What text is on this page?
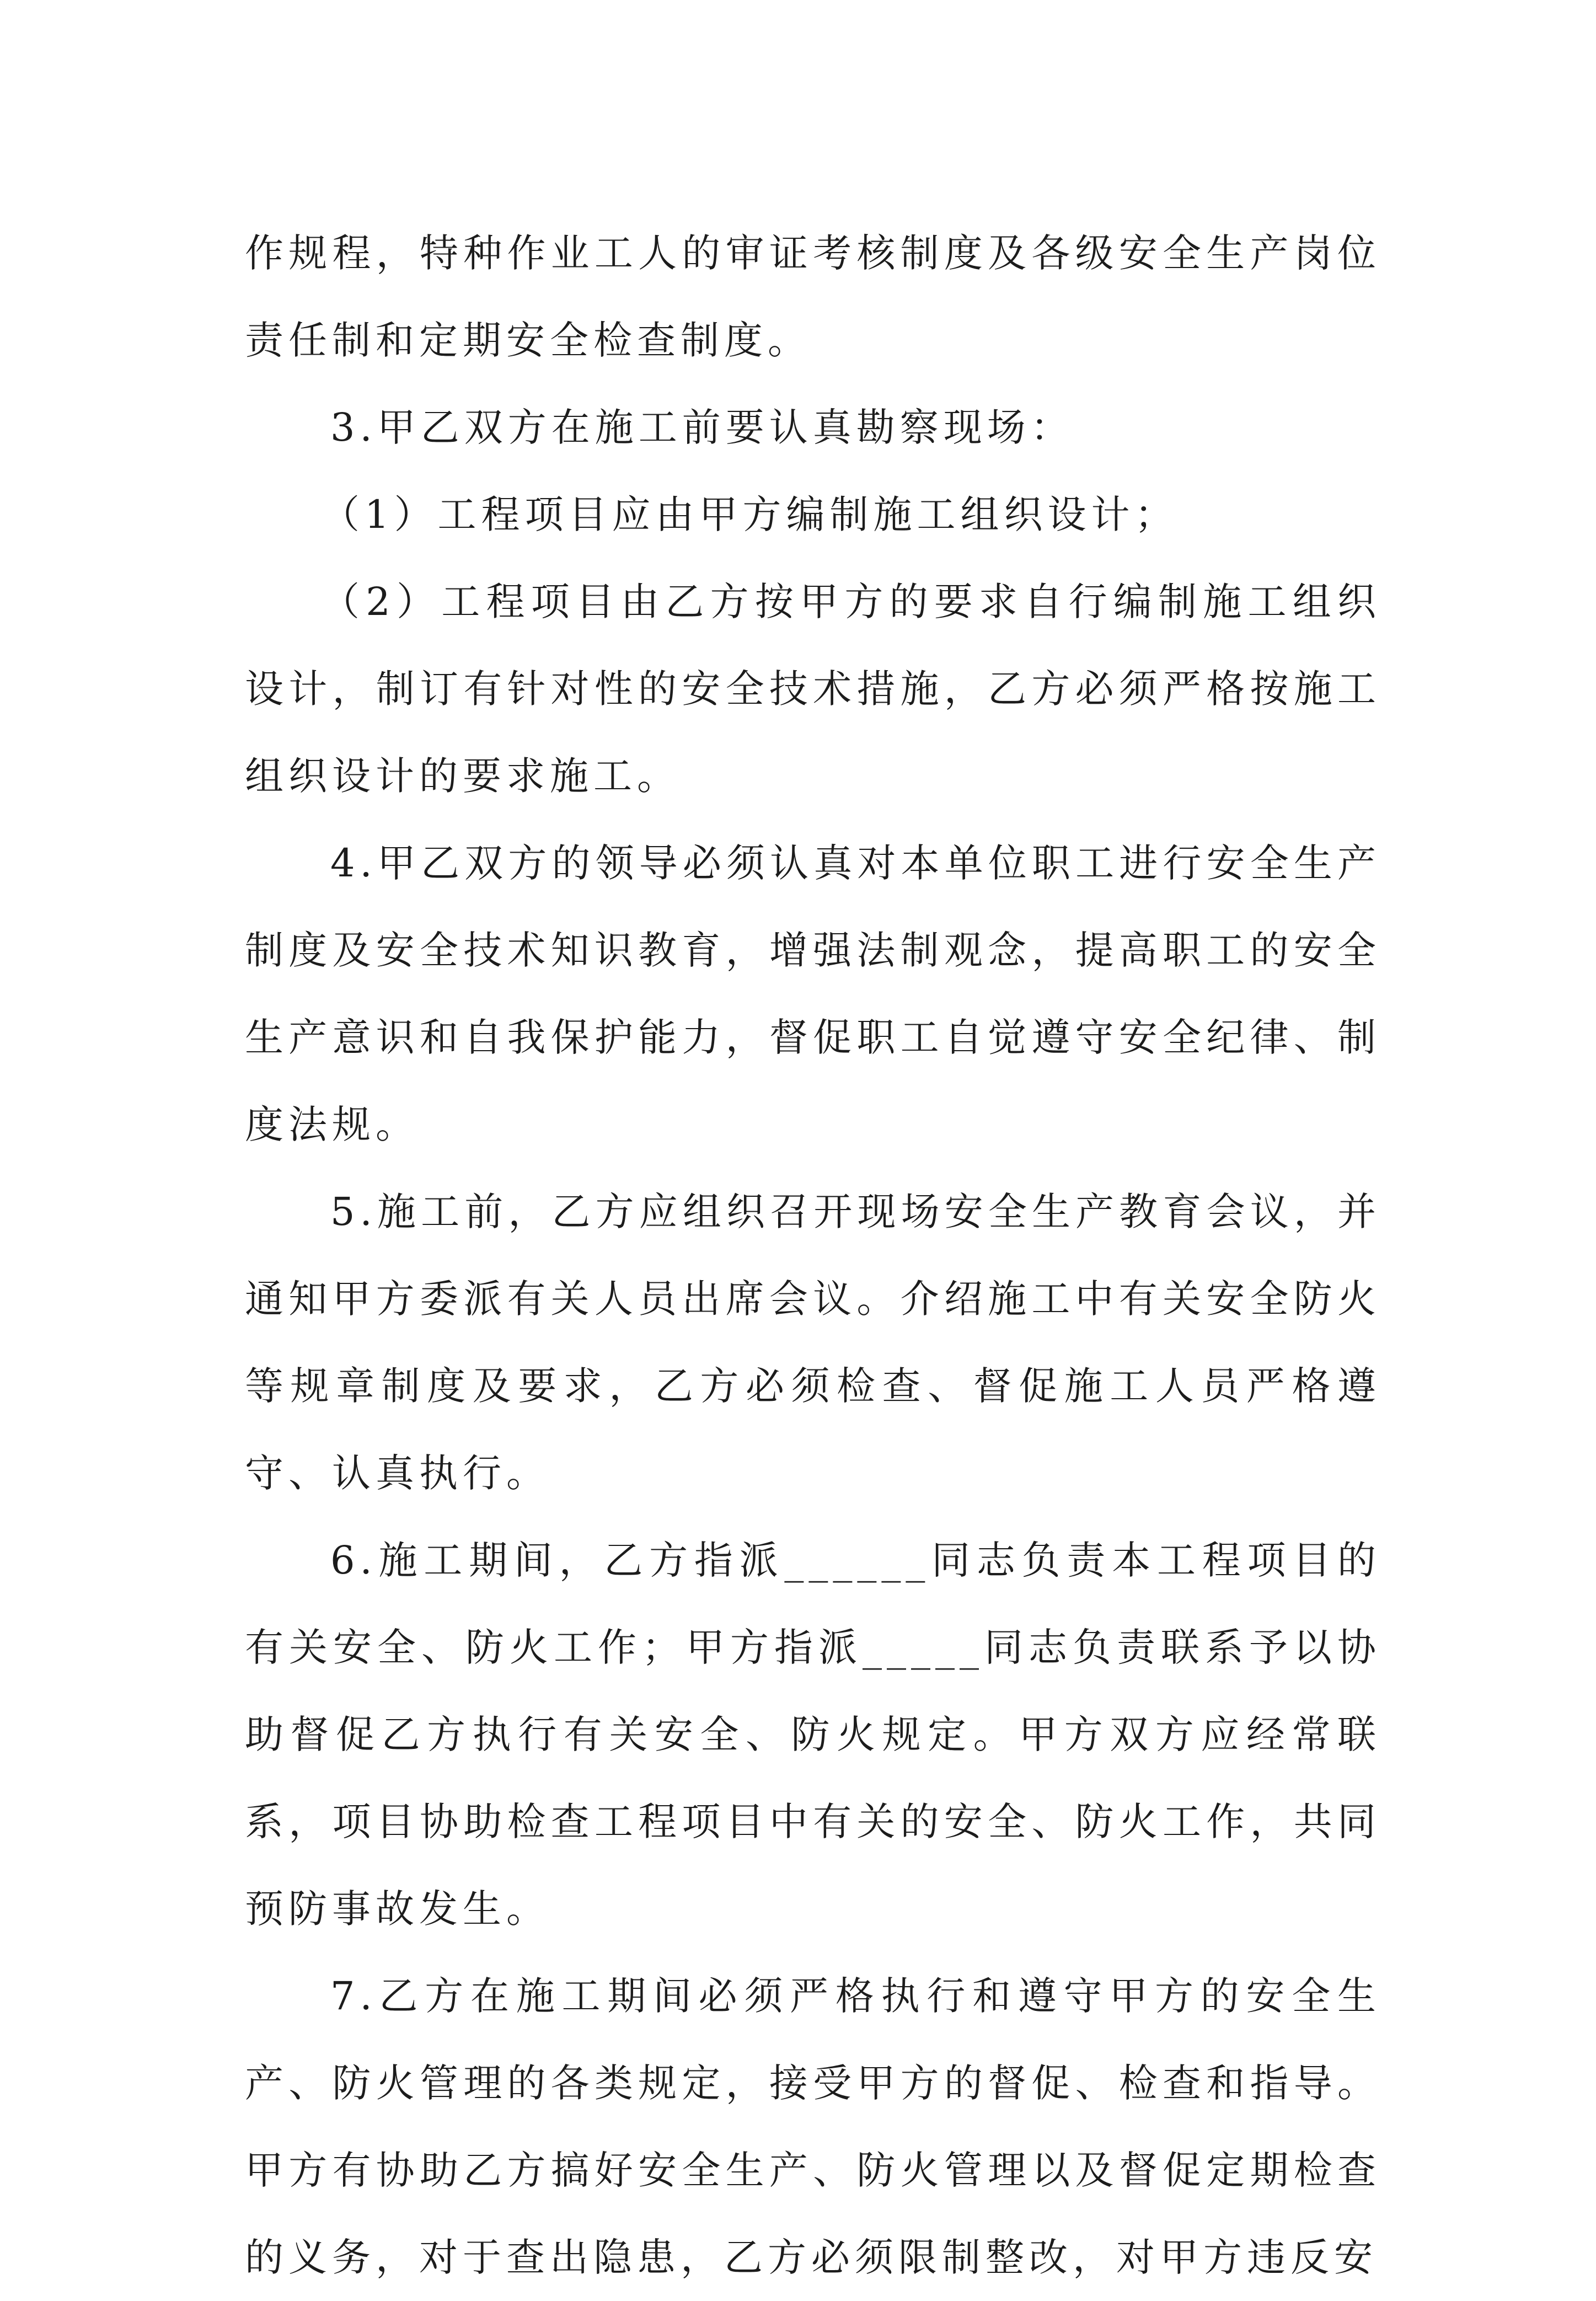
作规程，特种作业工人的审证考核制度及各级安全生产岗位责任制和定期安全检查制度。

3.甲乙双方在施工前要认真勘察现场：

（1）工程项目应由甲方编制施工组织设计；

（2）工程项目由乙方按甲方的要求自行编制施工组织设计，制订有针对性的安全技术措施，乙方必须严格按施工组织设计的要求施工。

4.甲乙双方的领导必须认真对本单位职工进行安全生产制度及安全技术知识教育，增强法制观念，提高职工的安全生产意识和自我保护能力，督促职工自觉遵守安全纪律、制度法规。

5.施工前，乙方应组织召开现场安全生产教育会议，并通知甲方委派有关人员出席会议。介绍施工中有关安全防火等规章制度及要求，乙方必须检查、督促施工人员严格遵守、认真执行。

6.施工期间，乙方指派______同志负责本工程项目的有关安全、防火工作；甲方指派_____同志负责联系予以协助督促乙方执行有关安全、防火规定。甲方双方应经常联系，项目协助检查工程项目中有关的安全、防火工作，共同预防事故发生。

7.乙方在施工期间必须严格执行和遵守甲方的安全生产、防火管理的各类规定，接受甲方的督促、检查和指导。甲方有协助乙方搞好安全生产、防火管理以及督促定期检查的义务，对于查出隐患，乙方必须限制整改，对甲方违反安
